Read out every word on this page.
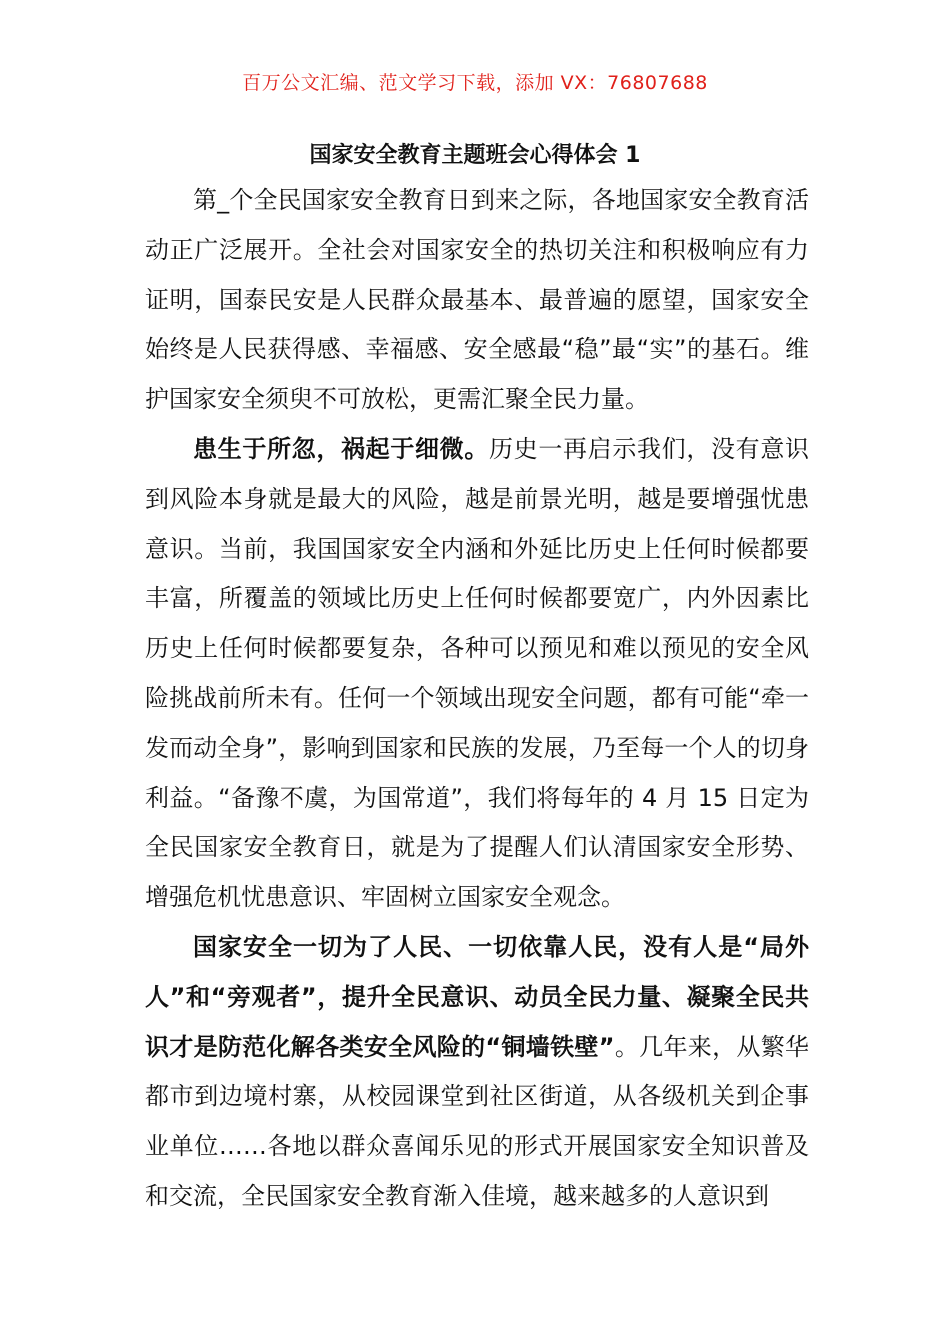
百万公文汇编、范文学习下载，添加 VX：76807688
国家安全教育主题班会心得体会 1

第_个全民国家安全教育日到来之际，各地国家安全教育活动正广泛展开。全社会对国家安全的热切关注和积极响应有力证明，国泰民安是人民群众最基本、最普遍的愿望，国家安全始终是人民获得感、幸福感、安全感最“稳”最“实”的基石。维护国家安全须臾不可放松，更需汇聚全民力量。

患生于所忽，祸起于细微。历史一再启示我们，没有意识到风险本身就是最大的风险，越是前景光明，越是要增强忧患意识。当前，我国国家安全内涵和外延比历史上任何时候都要丰富，所覆盖的领域比历史上任何时候都要宽广，内外因素比历史上任何时候都要复杂，各种可以预见和难以预见的安全风险挑战前所未有。任何一个领域出现安全问题，都有可能“牵一发而动全身”，影响到国家和民族的发展，乃至每一个人的切身利益。“备豫不虞，为国常道”，我们将每年的 4 月 15 日定为全民国家安全教育日，就是为了提醒人们认清国家安全形势、增强危机忧患意识、牢固树立国家安全观念。

国家安全一切为了人民、一切依靠人民，没有人是“局外人”和“旁观者”，提升全民意识、动员全民力量、凝聚全民共识才是防范化解各类安全风险的“铜墙铁壁”。几年来，从繁华都市到边境村寨，从校园课堂到社区街道，从各级机关到企事业单位……各地以群众喜闻乐见的形式开展国家安全知识普及和交流，全民国家安全教育渐入佳境，越来越多的人意识到
